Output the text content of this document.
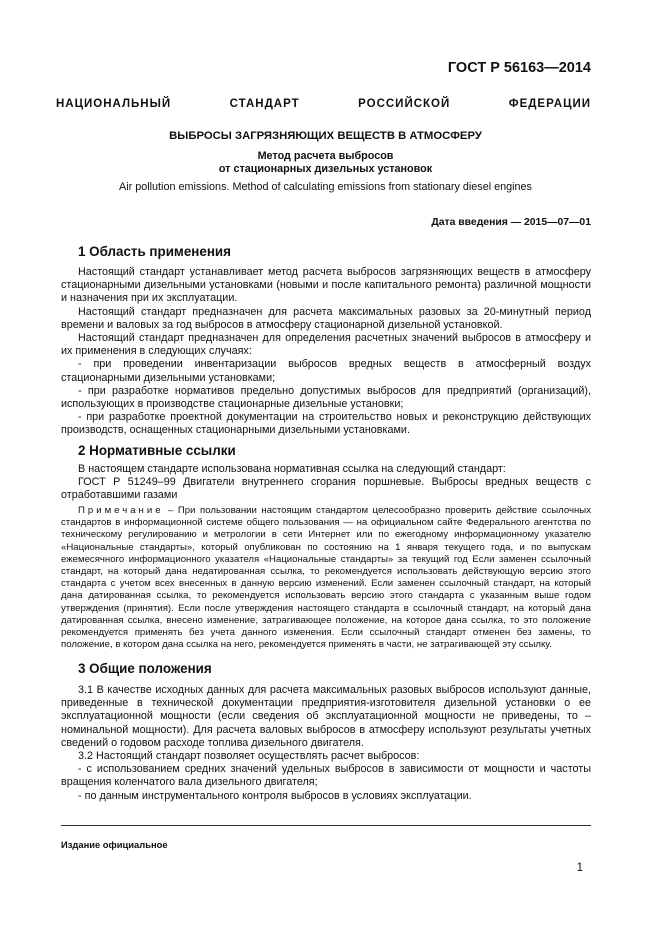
ГОСТ Р 56163—2014
НАЦИОНАЛЬНЫЙ СТАНДАРТ РОССИЙСКОЙ ФЕДЕРАЦИИ
ВЫБРОСЫ ЗАГРЯЗНЯЮЩИХ ВЕЩЕСТВ В АТМОСФЕРУ
Метод расчета выбросов
от стационарных дизельных установок
Air pollution emissions. Method of calculating emissions from stationary diesel engines
Дата введения — 2015—07—01
1 Область применения

Настоящий стандарт устанавливает метод расчета выбросов загрязняющих веществ в атмосферу стационарными дизельными установками (новыми и после капитального ремонта) различной мощности и назначения при их эксплуатации.

Настоящий стандарт предназначен для расчета максимальных разовых за 20-минутный период времени и валовых за год выбросов в атмосферу стационарной дизельной установкой.

Настоящий стандарт предназначен для определения расчетных значений выбросов в атмосферу и их применения в следующих случаях:

- при проведении инвентаризации выбросов вредных веществ в атмосферный воздух стационарными дизельными установками;

- при разработке нормативов предельно допустимых выбросов для предприятий (организаций), использующих в производстве стационарные дизельные установки;

- при разработке проектной документации на строительство новых и реконструкцию действующих производств, оснащенных стационарными дизельными установками.

2 Нормативные ссылки

В настоящем стандарте использована нормативная ссылка на следующий стандарт:

ГОСТ Р 51249–99 Двигатели внутреннего сгорания поршневые. Выбросы вредных веществ с отработавшими газами

Примечание – При пользовании настоящим стандартом целесообразно проверить действие ссылочных стандартов в информационной системе общего пользования — на официальном сайте Федерального агентства по техническому регулированию и метрологии в сети Интернет или по ежегодному информационному указателю «Национальные стандарты», который опубликован по состоянию на 1 января текущего года, и по выпускам ежемесячного информационного указателя «Национальные стандарты» за текущий год Если заменен ссылочный стандарт, на который дана недатированная ссылка, то рекомендуется использовать действующую версию этого стандарта с учетом всех внесенных в данную версию изменений. Если заменен ссылочный стандарт, на который дана датированная ссылка, то рекомендуется использовать версию этого стандарта с указанным выше годом утверждения (принятия). Если после утверждения настоящего стандарта в ссылочный стандарт, на который дана датированная ссылка, внесено изменение, затрагивающее положение, на которое дана ссылка, то это положение рекомендуется применять без учета данного изменения. Если ссылочный стандарт отменен без замены, то положение, в котором дана ссылка на него, рекомендуется применять в части, не затрагивающей эту ссылку.

3 Общие положения

3.1 В качестве исходных данных для расчета максимальных разовых выбросов используют данные, приведенные в технической документации предприятия-изготовителя дизельной установки о ее эксплуатационной мощности (если сведения об эксплуатационной мощности не приведены, то – номинальной мощности). Для расчета валовых выбросов в атмосферу используют результаты учетных сведений о годовом расходе топлива дизельного двигателя.

3.2 Настоящий стандарт позволяет осуществлять расчет выбросов:

- с использованием средних значений удельных выбросов в зависимости от мощности и частоты вращения коленчатого вала дизельного двигателя;

- по данным инструментального контроля выбросов в условиях эксплуатации.

Издание официальное
1
